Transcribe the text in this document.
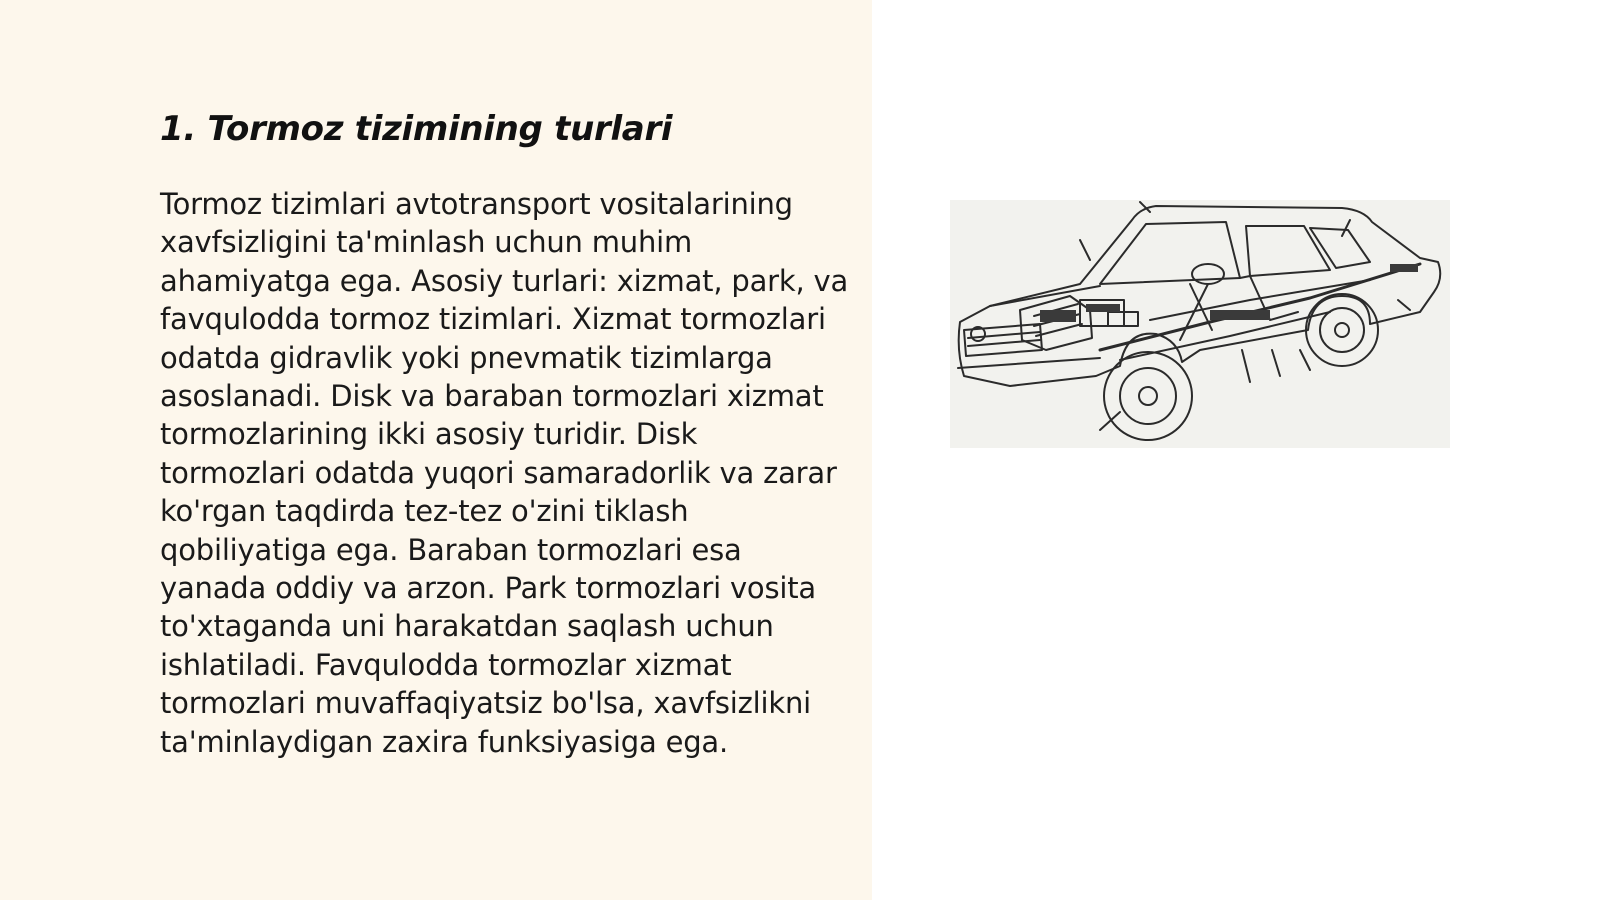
1. Tormoz tizimining turlari

Tormoz tizimlari avtotransport vositalarining xavfsizligini ta'minlash uchun muhim ahamiyatga ega. Asosiy turlari: xizmat, park, va favqulodda tormoz tizimlari. Xizmat tormozlari odatda gidravlik yoki pnevmatik tizimlarga asoslanadi. Disk va baraban tormozlari xizmat tormozlarining ikki asosiy turidir. Disk tormozlari odatda yuqori samaradorlik va zarar ko'rgan taqdirda tez-tez o'zini tiklash qobiliyatiga ega. Baraban tormozlari esa yanada oddiy va arzon. Park tormozlari vosita to'xtaganda uni harakatdan saqlash uchun ishlatiladi. Favqulodda tormozlar xizmat tormozlari muvaffaqiyatsiz bo'lsa, xavfsizlikni ta'minlaydigan zaxira funksiyasiga ega.
